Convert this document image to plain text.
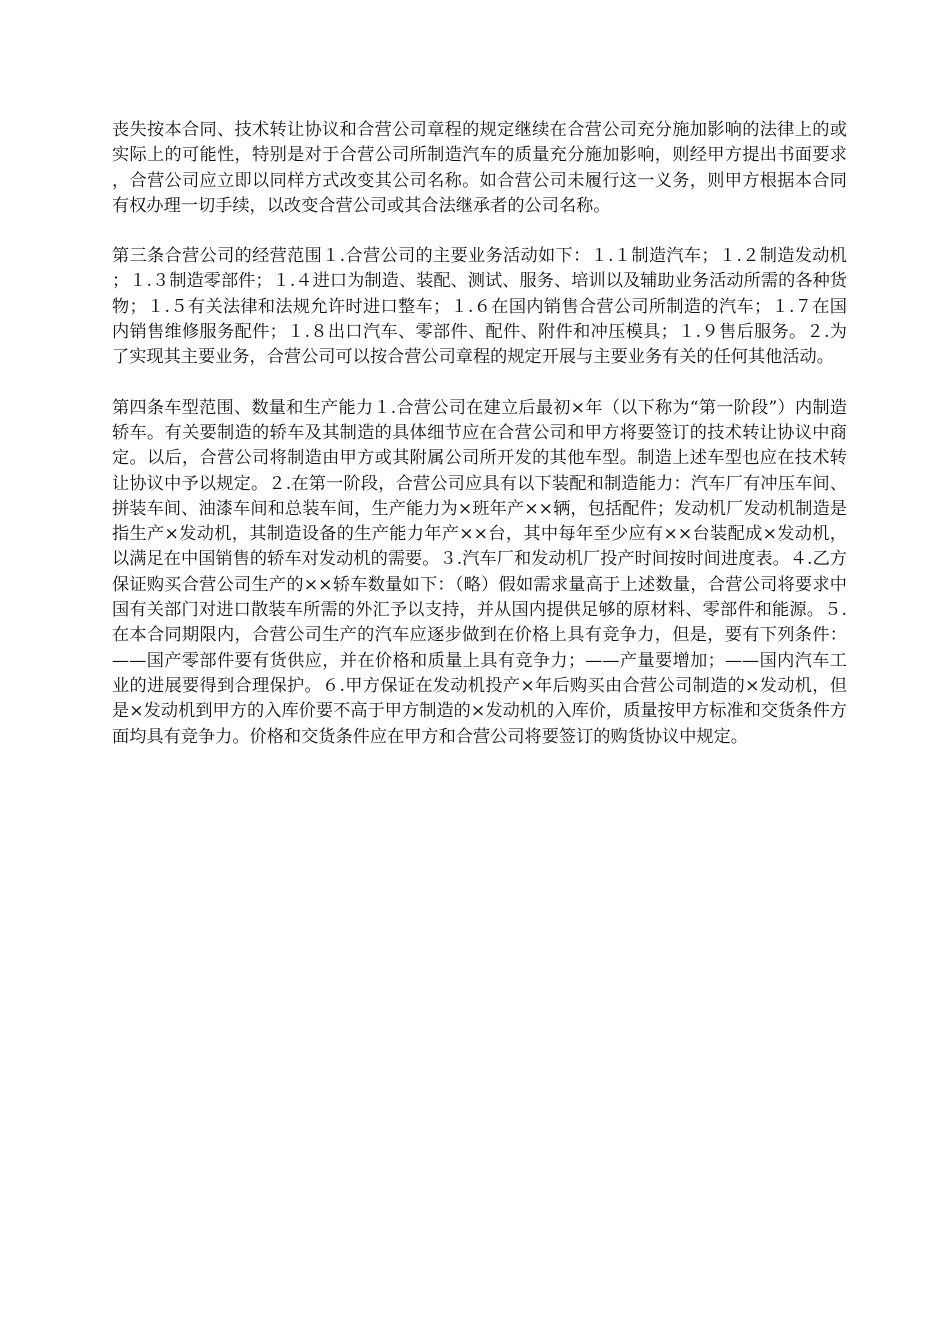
丧失按本合同、技术转让协议和合营公司章程的规定继续在合营公司充分施加影响的法律上的或实际上的可能性，特别是对于合营公司所制造汽车的质量充分施加影响，则经甲方提出书面要求，合营公司应立即以同样方式改变其公司名称。如合营公司未履行这一义务，则甲方根据本合同有权办理一切手续，以改变合营公司或其合法继承者的公司名称。

第三条合营公司的经营范围１.合营公司的主要业务活动如下：１.１制造汽车；１.２制造发动机；１.３制造零部件；１.４进口为制造、装配、测试、服务、培训以及辅助业务活动所需的各种货物；１.５有关法律和法规允许时进口整车；１.６在国内销售合营公司所制造的汽车；１.７在国内销售维修服务配件；１.８出口汽车、零部件、配件、附件和冲压模具；１.９售后服务。２.为了实现其主要业务，合营公司可以按合营公司章程的规定开展与主要业务有关的任何其他活动。

第四条车型范围、数量和生产能力１.合营公司在建立后最初×年（以下称为“第一阶段”）内制造轿车。有关要制造的轿车及其制造的具体细节应在合营公司和甲方将要签订的技术转让协议中商定。以后，合营公司将制造由甲方或其附属公司所开发的其他车型。制造上述车型也应在技术转让协议中予以规定。２.在第一阶段，合营公司应具有以下装配和制造能力：汽车厂有冲压车间、拼装车间、油漆车间和总装车间，生产能力为×班年产××辆，包括配件；发动机厂发动机制造是指生产×发动机，其制造设备的生产能力年产××台，其中每年至少应有××台装配成×发动机，以满足在中国销售的轿车对发动机的需要。３.汽车厂和发动机厂投产时间按时间进度表。４.乙方保证购买合营公司生产的××轿车数量如下：（略）假如需求量高于上述数量，合营公司将要求中国有关部门对进口散装车所需的外汇予以支持，并从国内提供足够的原材料、零部件和能源。５.在本合同期限内，合营公司生产的汽车应逐步做到在价格上具有竞争力，但是，要有下列条件：——国产零部件要有货供应，并在价格和质量上具有竞争力；——产量要增加；——国内汽车工业的进展要得到合理保护。６.甲方保证在发动机投产×年后购买由合营公司制造的×发动机，但是×发动机到甲方的入库价要不高于甲方制造的×发动机的入库价，质量按甲方标准和交货条件方面均具有竞争力。价格和交货条件应在甲方和合营公司将要签订的购货协议中规定。
